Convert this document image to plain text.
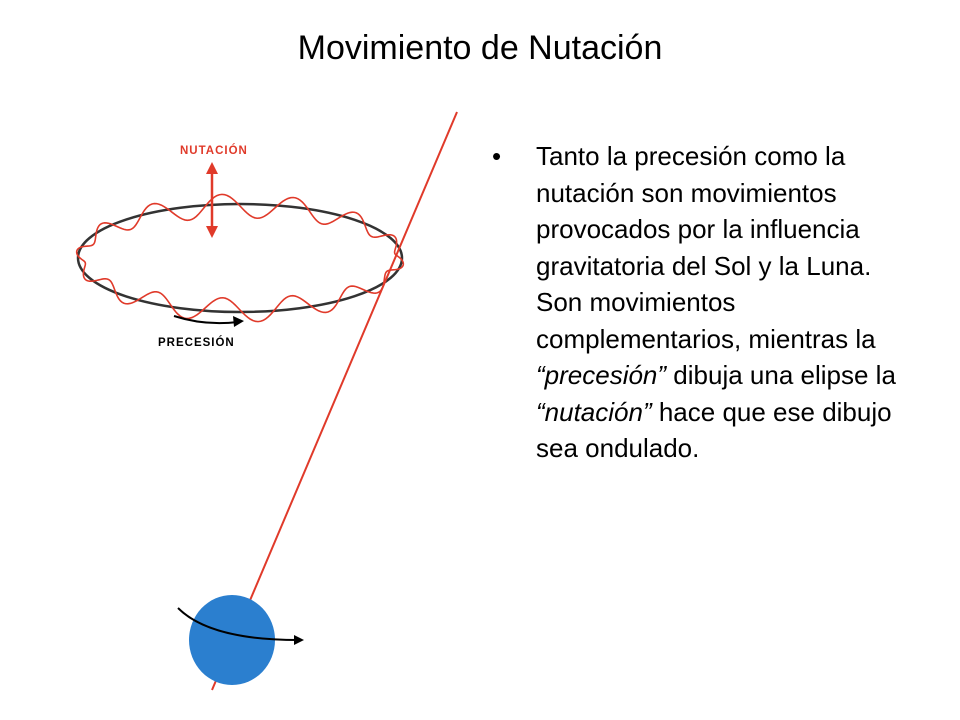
Movimiento de Nutación
NUTACIÓN
PRECESIÓN
• Tanto la precesión como la nutación son movimientos provocados por la influencia gravitatoria del Sol y la Luna. Son movimientos complementarios, mientras la “precesión” dibuja una elipse la “nutación” hace que ese dibujo sea ondulado.
